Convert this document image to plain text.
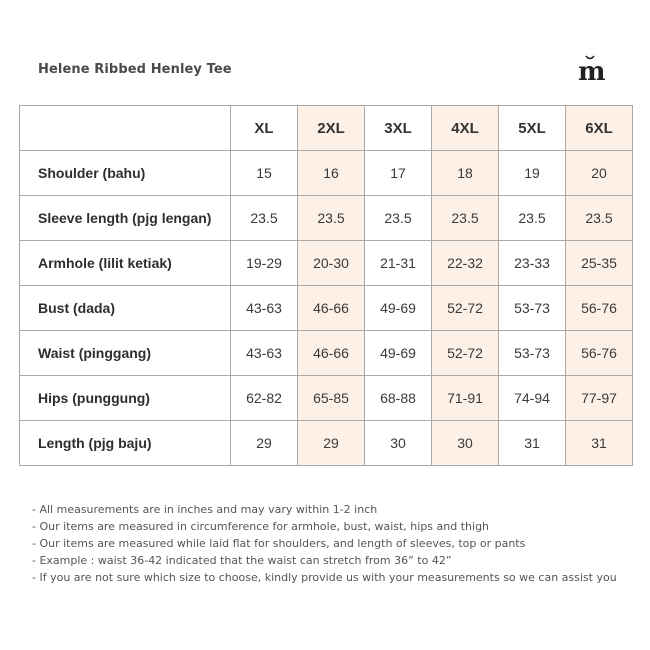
Helene Ribbed Henley Tee	m
	XL	2XL	3XL	4XL	5XL	6XL
Shoulder (bahu)	15	16	17	18	19	20
Sleeve length (pjg lengan)	23.5	23.5	23.5	23.5	23.5	23.5
Armhole (lilit ketiak)	19-29	20-30	21-31	22-32	23-33	25-35
Bust (dada)	43-63	46-66	49-69	52-72	53-73	56-76
Waist (pinggang)	43-63	46-66	49-69	52-72	53-73	56-76
Hips (punggung)	62-82	65-85	68-88	71-91	74-94	77-97
Length (pjg baju)	29	29	30	30	31	31
- All measurements are in inches and may vary within 1-2 inch
- Our items are measured in circumference for armhole, bust, waist, hips and thigh
- Our items are measured while laid flat for shoulders, and length of sleeves, top or pants
- Example : waist 36-42 indicated that the waist can stretch from 36” to 42”
- If you are not sure which size to choose, kindly provide us with your measurements so we can assist you
